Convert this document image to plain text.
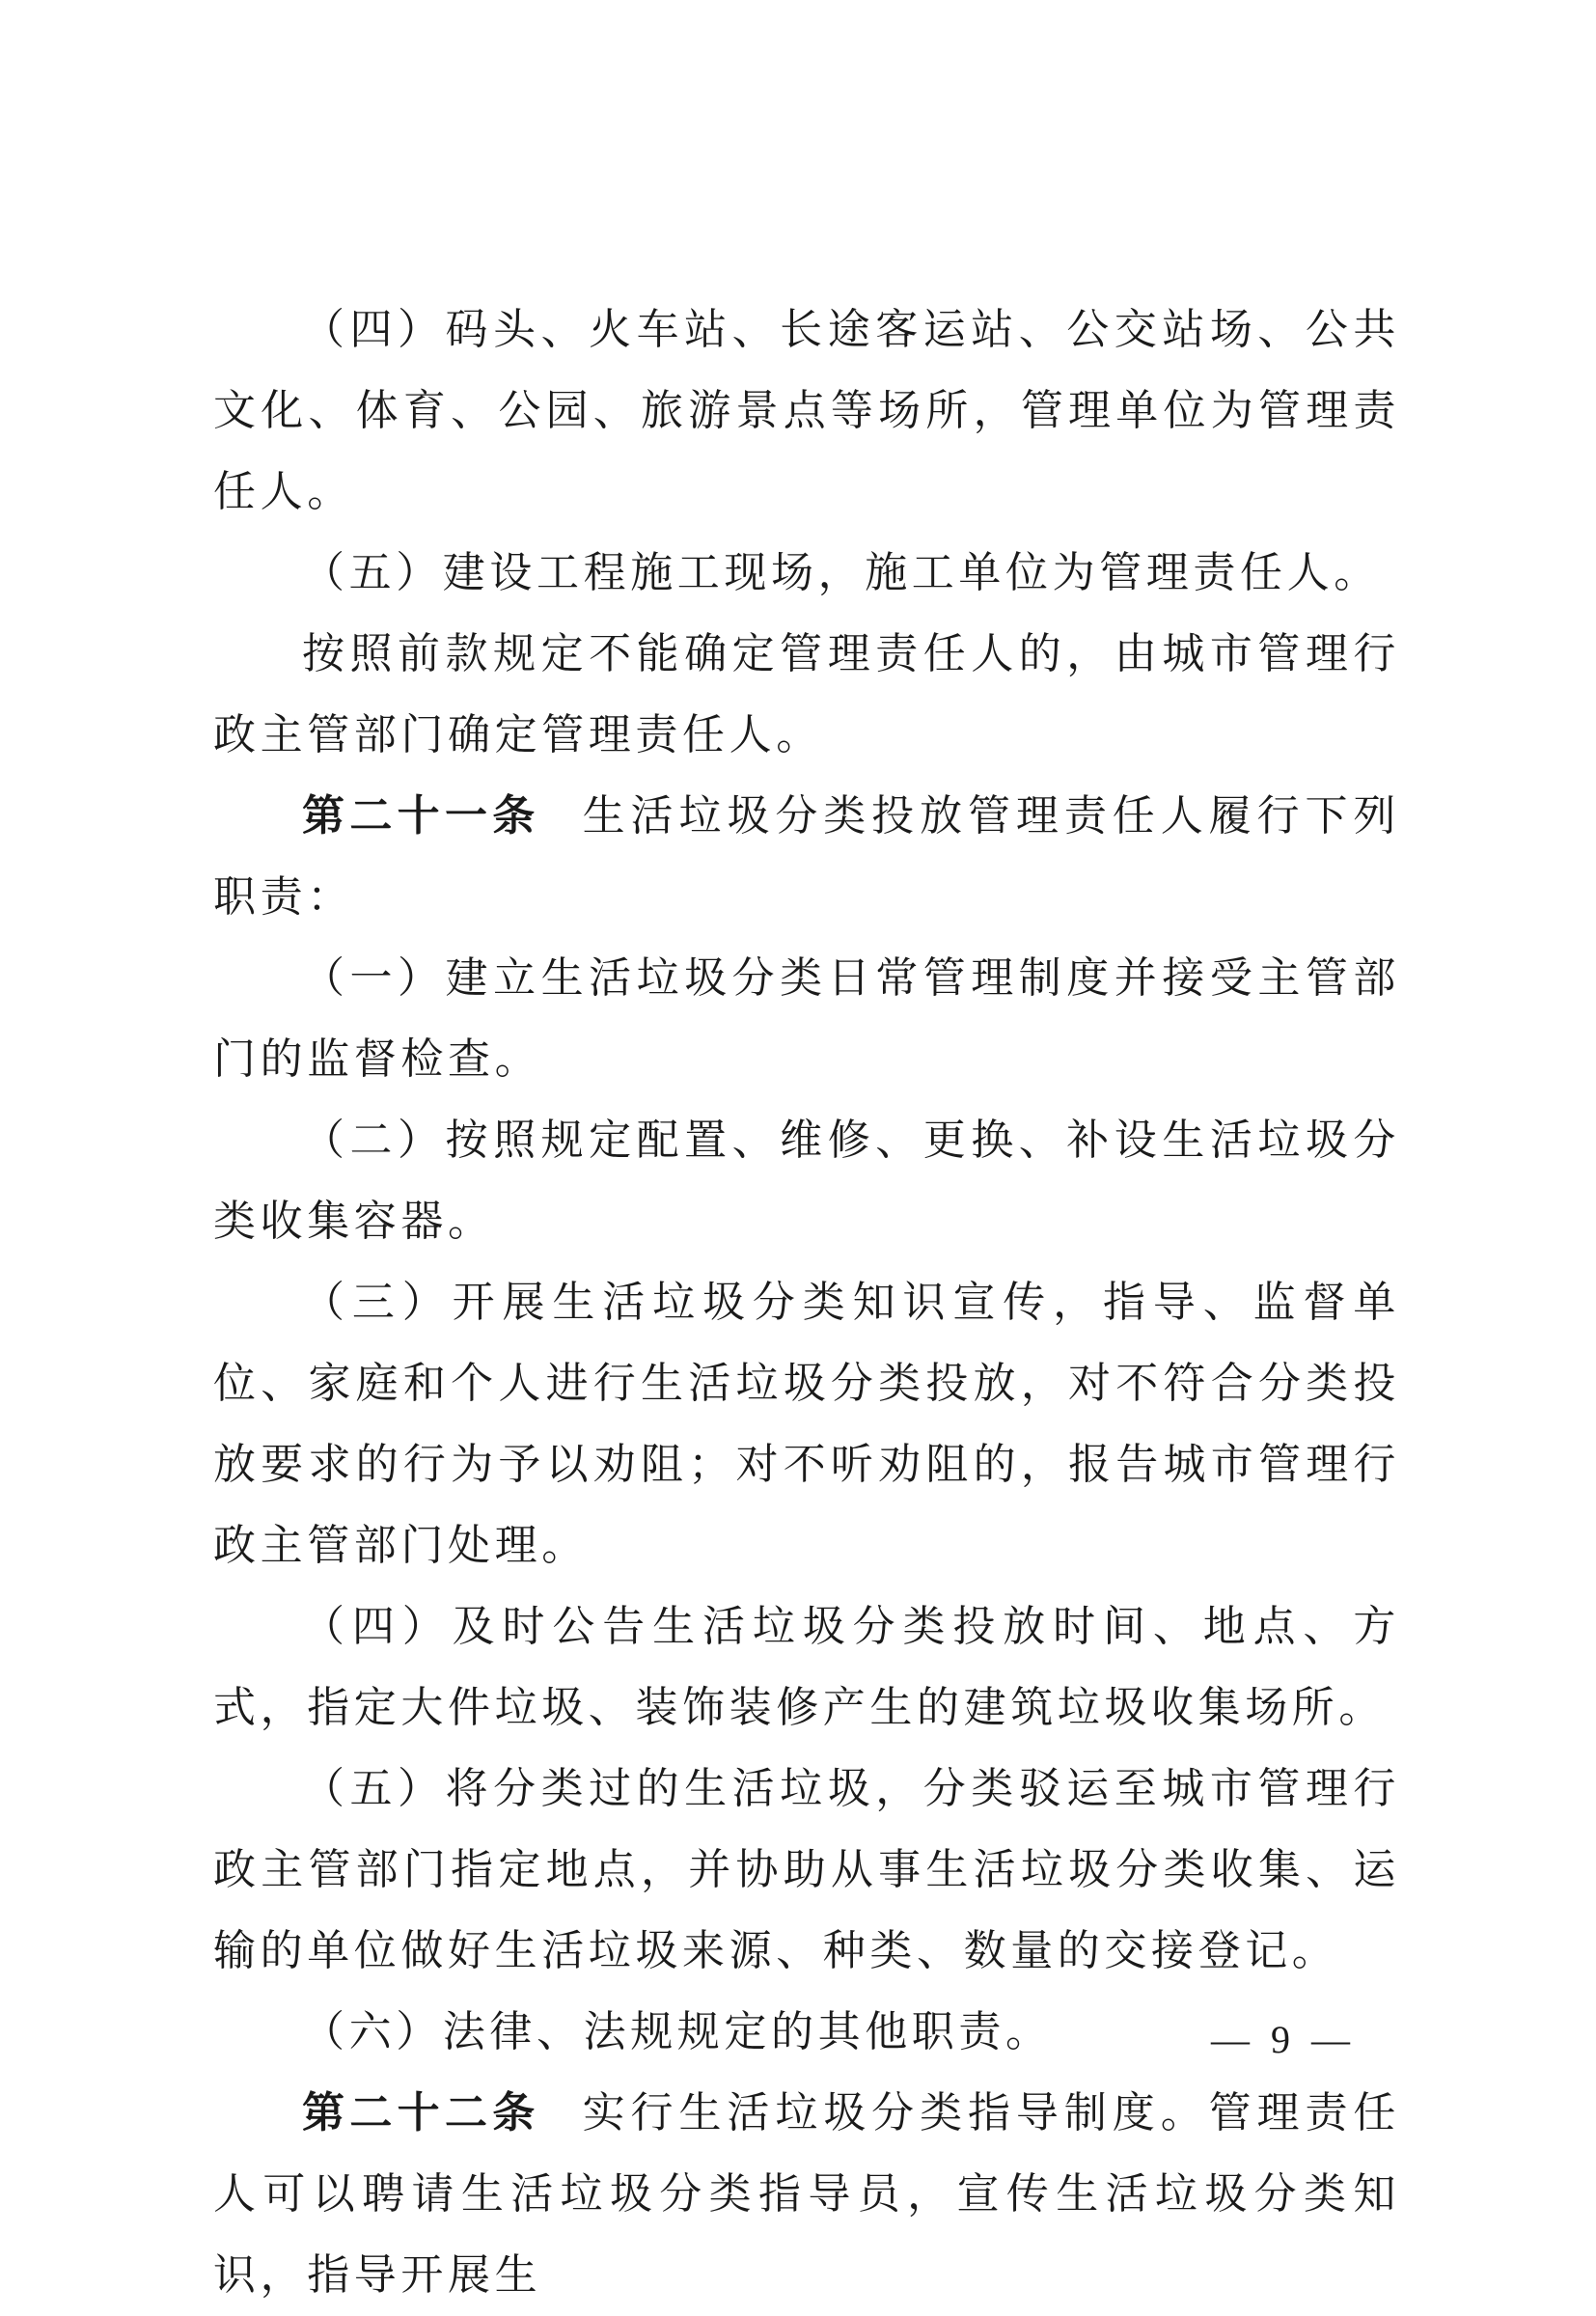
（四）码头、火车站、长途客运站、公交站场、公共文化、体育、公园、旅游景点等场所，管理单位为管理责任人。

（五）建设工程施工现场，施工单位为管理责任人。

按照前款规定不能确定管理责任人的，由城市管理行政主管部门确定管理责任人。

第二十一条 生活垃圾分类投放管理责任人履行下列职责：

（一）建立生活垃圾分类日常管理制度并接受主管部门的监督检查。

（二）按照规定配置、维修、更换、补设生活垃圾分类收集容器。

（三）开展生活垃圾分类知识宣传，指导、监督单位、家庭和个人进行生活垃圾分类投放，对不符合分类投放要求的行为予以劝阻；对不听劝阻的，报告城市管理行政主管部门处理。

（四）及时公告生活垃圾分类投放时间、地点、方式，指定大件垃圾、装饰装修产生的建筑垃圾收集场所。

（五）将分类过的生活垃圾，分类驳运至城市管理行政主管部门指定地点，并协助从事生活垃圾分类收集、运输的单位做好生活垃圾来源、种类、数量的交接登记。

（六）法律、法规规定的其他职责。

第二十二条 实行生活垃圾分类指导制度。管理责任人可以聘请生活垃圾分类指导员，宣传生活垃圾分类知识，指导开展生

— 9 —
